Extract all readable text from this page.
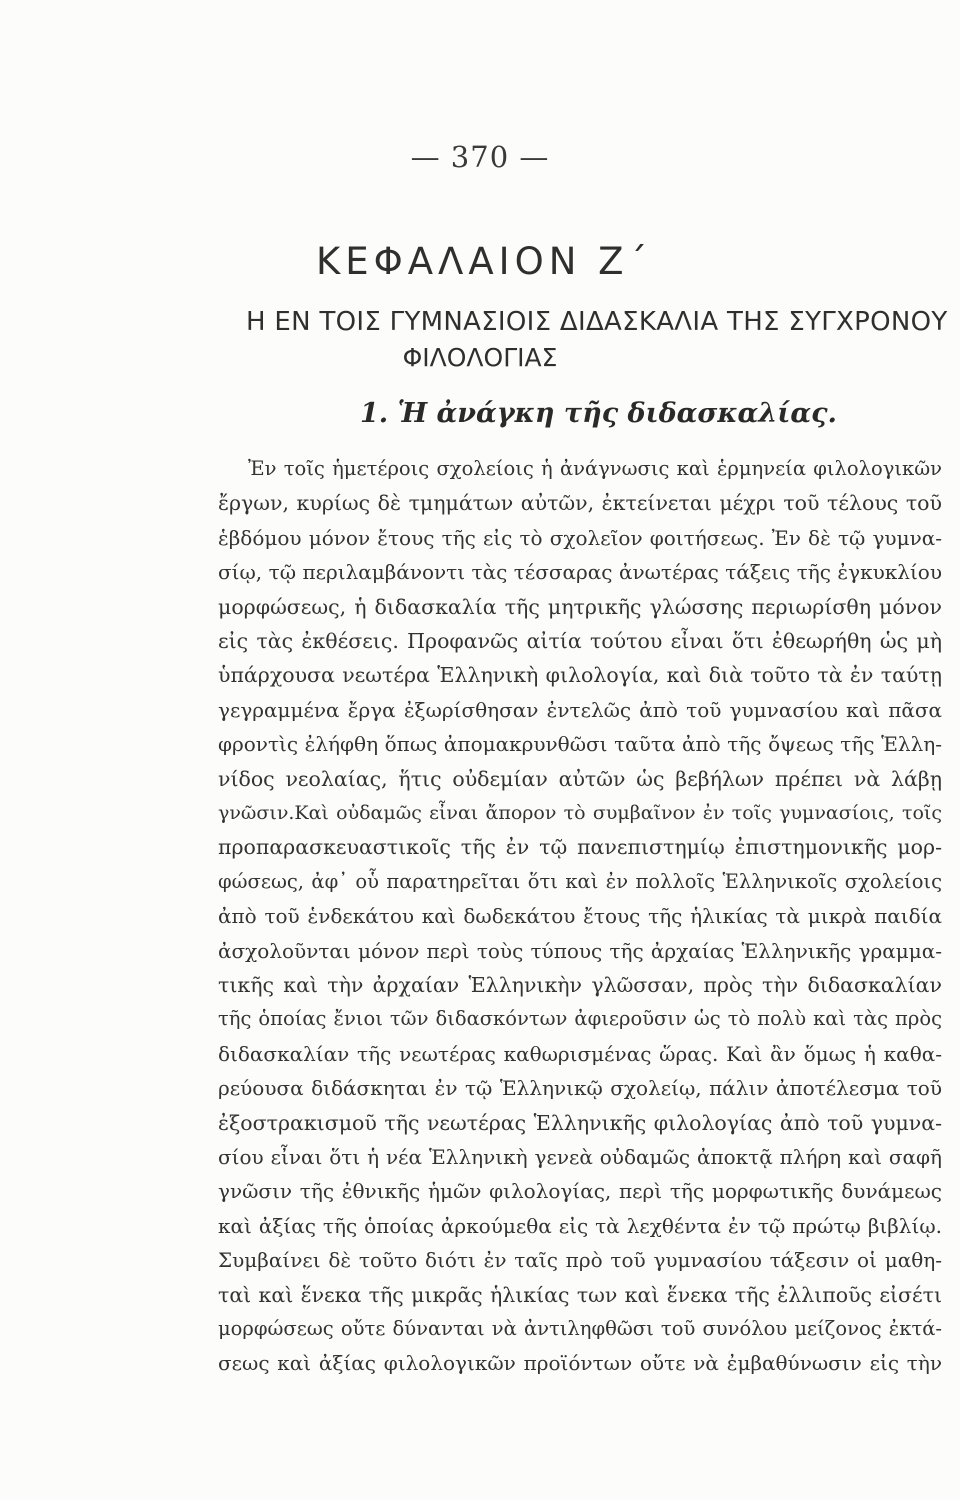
— 370 —
ΚΕΦΑΛΑΙΟΝ Ζ΄
Η ΕΝ ΤΟΙΣ ΓΥΜΝΑΣΙΟΙΣ ΔΙΔΑΣΚΑΛΙΑ ΤΗΣ ΣΥΓΧΡΟΝΟΥ
ΦΙΛΟΛΟΓΙΑΣ
1. Ἡ ἀνάγκη τῆς διδασκαλίας.
Ἐν τοῖς ἡμετέροις σχολείοις ἡ ἀνάγνωσις καὶ ἑρμηνεία φιλολογικῶν
ἔργων, κυρίως δὲ τμημάτων αὐτῶν, ἐκτείνεται μέχρι τοῦ τέλους τοῦ
ἑβδόμου μόνον ἔτους τῆς εἰς τὸ σχολεῖον φοιτήσεως. Ἐν δὲ τῷ γυμνα-
σίῳ, τῷ περιλαμβάνοντι τὰς τέσσαρας ἀνωτέρας τάξεις τῆς ἐγκυκλίου
μορφώσεως, ἡ διδασκαλία τῆς μητρικῆς γλώσσης περιωρίσθη μόνον
εἰς τὰς ἐκθέσεις. Προφανῶς αἰτία τούτου εἶναι ὅτι ἐθεωρήθη ὡς μὴ
ὑπάρχουσα νεωτέρα Ἑλληνικὴ φιλολογία, καὶ διὰ τοῦτο τὰ ἐν ταύτῃ
γεγραμμένα ἔργα ἐξωρίσθησαν ἐντελῶς ἀπὸ τοῦ γυμνασίου καὶ πᾶσα
φροντὶς ἐλήφθη ὅπως ἀπομακρυνθῶσι ταῦτα ἀπὸ τῆς ὄψεως τῆς Ἑλλη-
νίδος νεολαίας, ἥτις οὐδεμίαν αὐτῶν ὡς βεβήλων πρέπει νὰ λάβῃ
γνῶσιν.Καὶ οὐδαμῶς εἶναι ἄπορον τὸ συμβαῖνον ἐν τοῖς γυμνασίοις, τοῖς
προπαρασκευαστικοῖς τῆς ἐν τῷ πανεπιστημίῳ ἐπιστημονικῆς μορ-
φώσεως, ἀφ᾽ οὗ παρατηρεῖται ὅτι καὶ ἐν πολλοῖς Ἑλληνικοῖς σχολείοις
ἀπὸ τοῦ ἑνδεκάτου καὶ δωδεκάτου ἔτους τῆς ἡλικίας τὰ μικρὰ παιδία
ἀσχολοῦνται μόνον περὶ τοὺς τύπους τῆς ἀρχαίας Ἑλληνικῆς γραμμα-
τικῆς καὶ τὴν ἀρχαίαν Ἑλληνικὴν γλῶσσαν, πρὸς τὴν διδασκαλίαν
τῆς ὁποίας ἔνιοι τῶν διδασκόντων ἀφιεροῦσιν ὡς τὸ πολὺ καὶ τὰς πρὸς
διδασκαλίαν τῆς νεωτέρας καθωρισμένας ὥρας. Καὶ ἂν ὅμως ἡ καθα-
ρεύουσα διδάσκηται ἐν τῷ Ἑλληνικῷ σχολείῳ, πάλιν ἀποτέλεσμα τοῦ
ἐξοστρακισμοῦ τῆς νεωτέρας Ἑλληνικῆς φιλολογίας ἀπὸ τοῦ γυμνα-
σίου εἶναι ὅτι ἡ νέα Ἑλληνικὴ γενεὰ οὐδαμῶς ἀποκτᾷ πλήρη καὶ σαφῆ
γνῶσιν τῆς ἐθνικῆς ἡμῶν φιλολογίας, περὶ τῆς μορφωτικῆς δυνάμεως
καὶ ἀξίας τῆς ὁποίας ἀρκούμεθα εἰς τὰ λεχθέντα ἐν τῷ πρώτῳ βιβλίῳ.
Συμβαίνει δὲ τοῦτο διότι ἐν ταῖς πρὸ τοῦ γυμνασίου τάξεσιν οἱ μαθη-
ταὶ καὶ ἕνεκα τῆς μικρᾶς ἡλικίας των καὶ ἕνεκα τῆς ἐλλιποῦς εἰσέτι
μορφώσεως οὔτε δύνανται νὰ ἀντιληφθῶσι τοῦ συνόλου μείζονος ἐκτά-
σεως καὶ ἀξίας φιλολογικῶν προϊόντων οὔτε νὰ ἐμβαθύνωσιν εἰς τὴν
